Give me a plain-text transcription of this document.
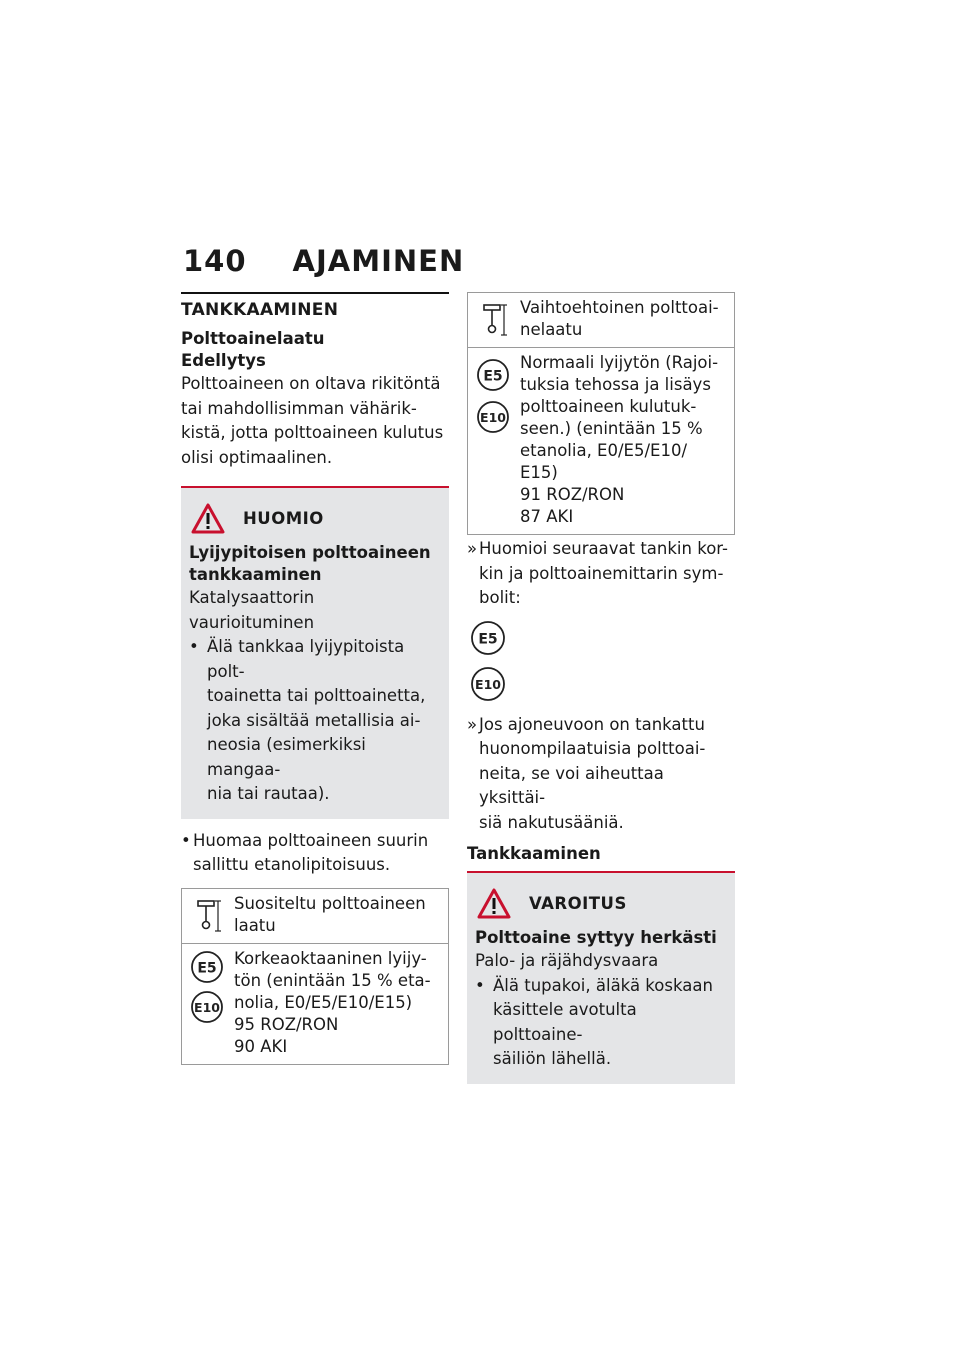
140 AJAMINEN
TANKKAAMINEN
Polttoainelaatu
Edellytys
Polttoaineen on oltava rikitöntä
tai mahdollisimman vähärik-
kistä, jotta polttoaineen kulutus
olisi optimaalinen.
HUOMIO
Lyijypitoisen polttoaineen
tankkaaminen
Katalysaattorin vaurioituminen
• Älä tankkaa lyijypitoista polt-
toainetta tai polttoainetta,
joka sisältää metallisia ai-
neosia (esimerkiksi mangaa-
nia tai rautaa).
• Huomaa polttoaineen suurin
sallittu etanolipitoisuus.
Suositeltu polttoaineen
laatu
E5
E10
Korkeaoktaaninen lyijy-
tön (enintään 15 % eta-
nolia, E0/E5/E10/E15)
95 ROZ/RON
90 AKI
Vaihtoehtoinen polttoai-
nelaatu
E5
E10
Normaali lyijytön (Rajoi-
tuksia tehossa ja lisäys
polttoaineen kulutuk-
seen.) (enintään 15 %
etanolia, E0/E5/E10/
E15)
91 ROZ/RON
87 AKI
» Huomioi seuraavat tankin kor-
kin ja polttoainemittarin sym-
bolit:
E5
E10
» Jos ajoneuvoon on tankattu
huonompilaatuisia polttoai-
neita, se voi aiheuttaa yksittäi-
siä nakutusääniä.
Tankkaaminen
VAROITUS
Polttoaine syttyy herkästi
Palo- ja räjähdysvaara
• Älä tupakoi, äläkä koskaan
käsittele avotulta polttoaine-
säiliön lähellä.
